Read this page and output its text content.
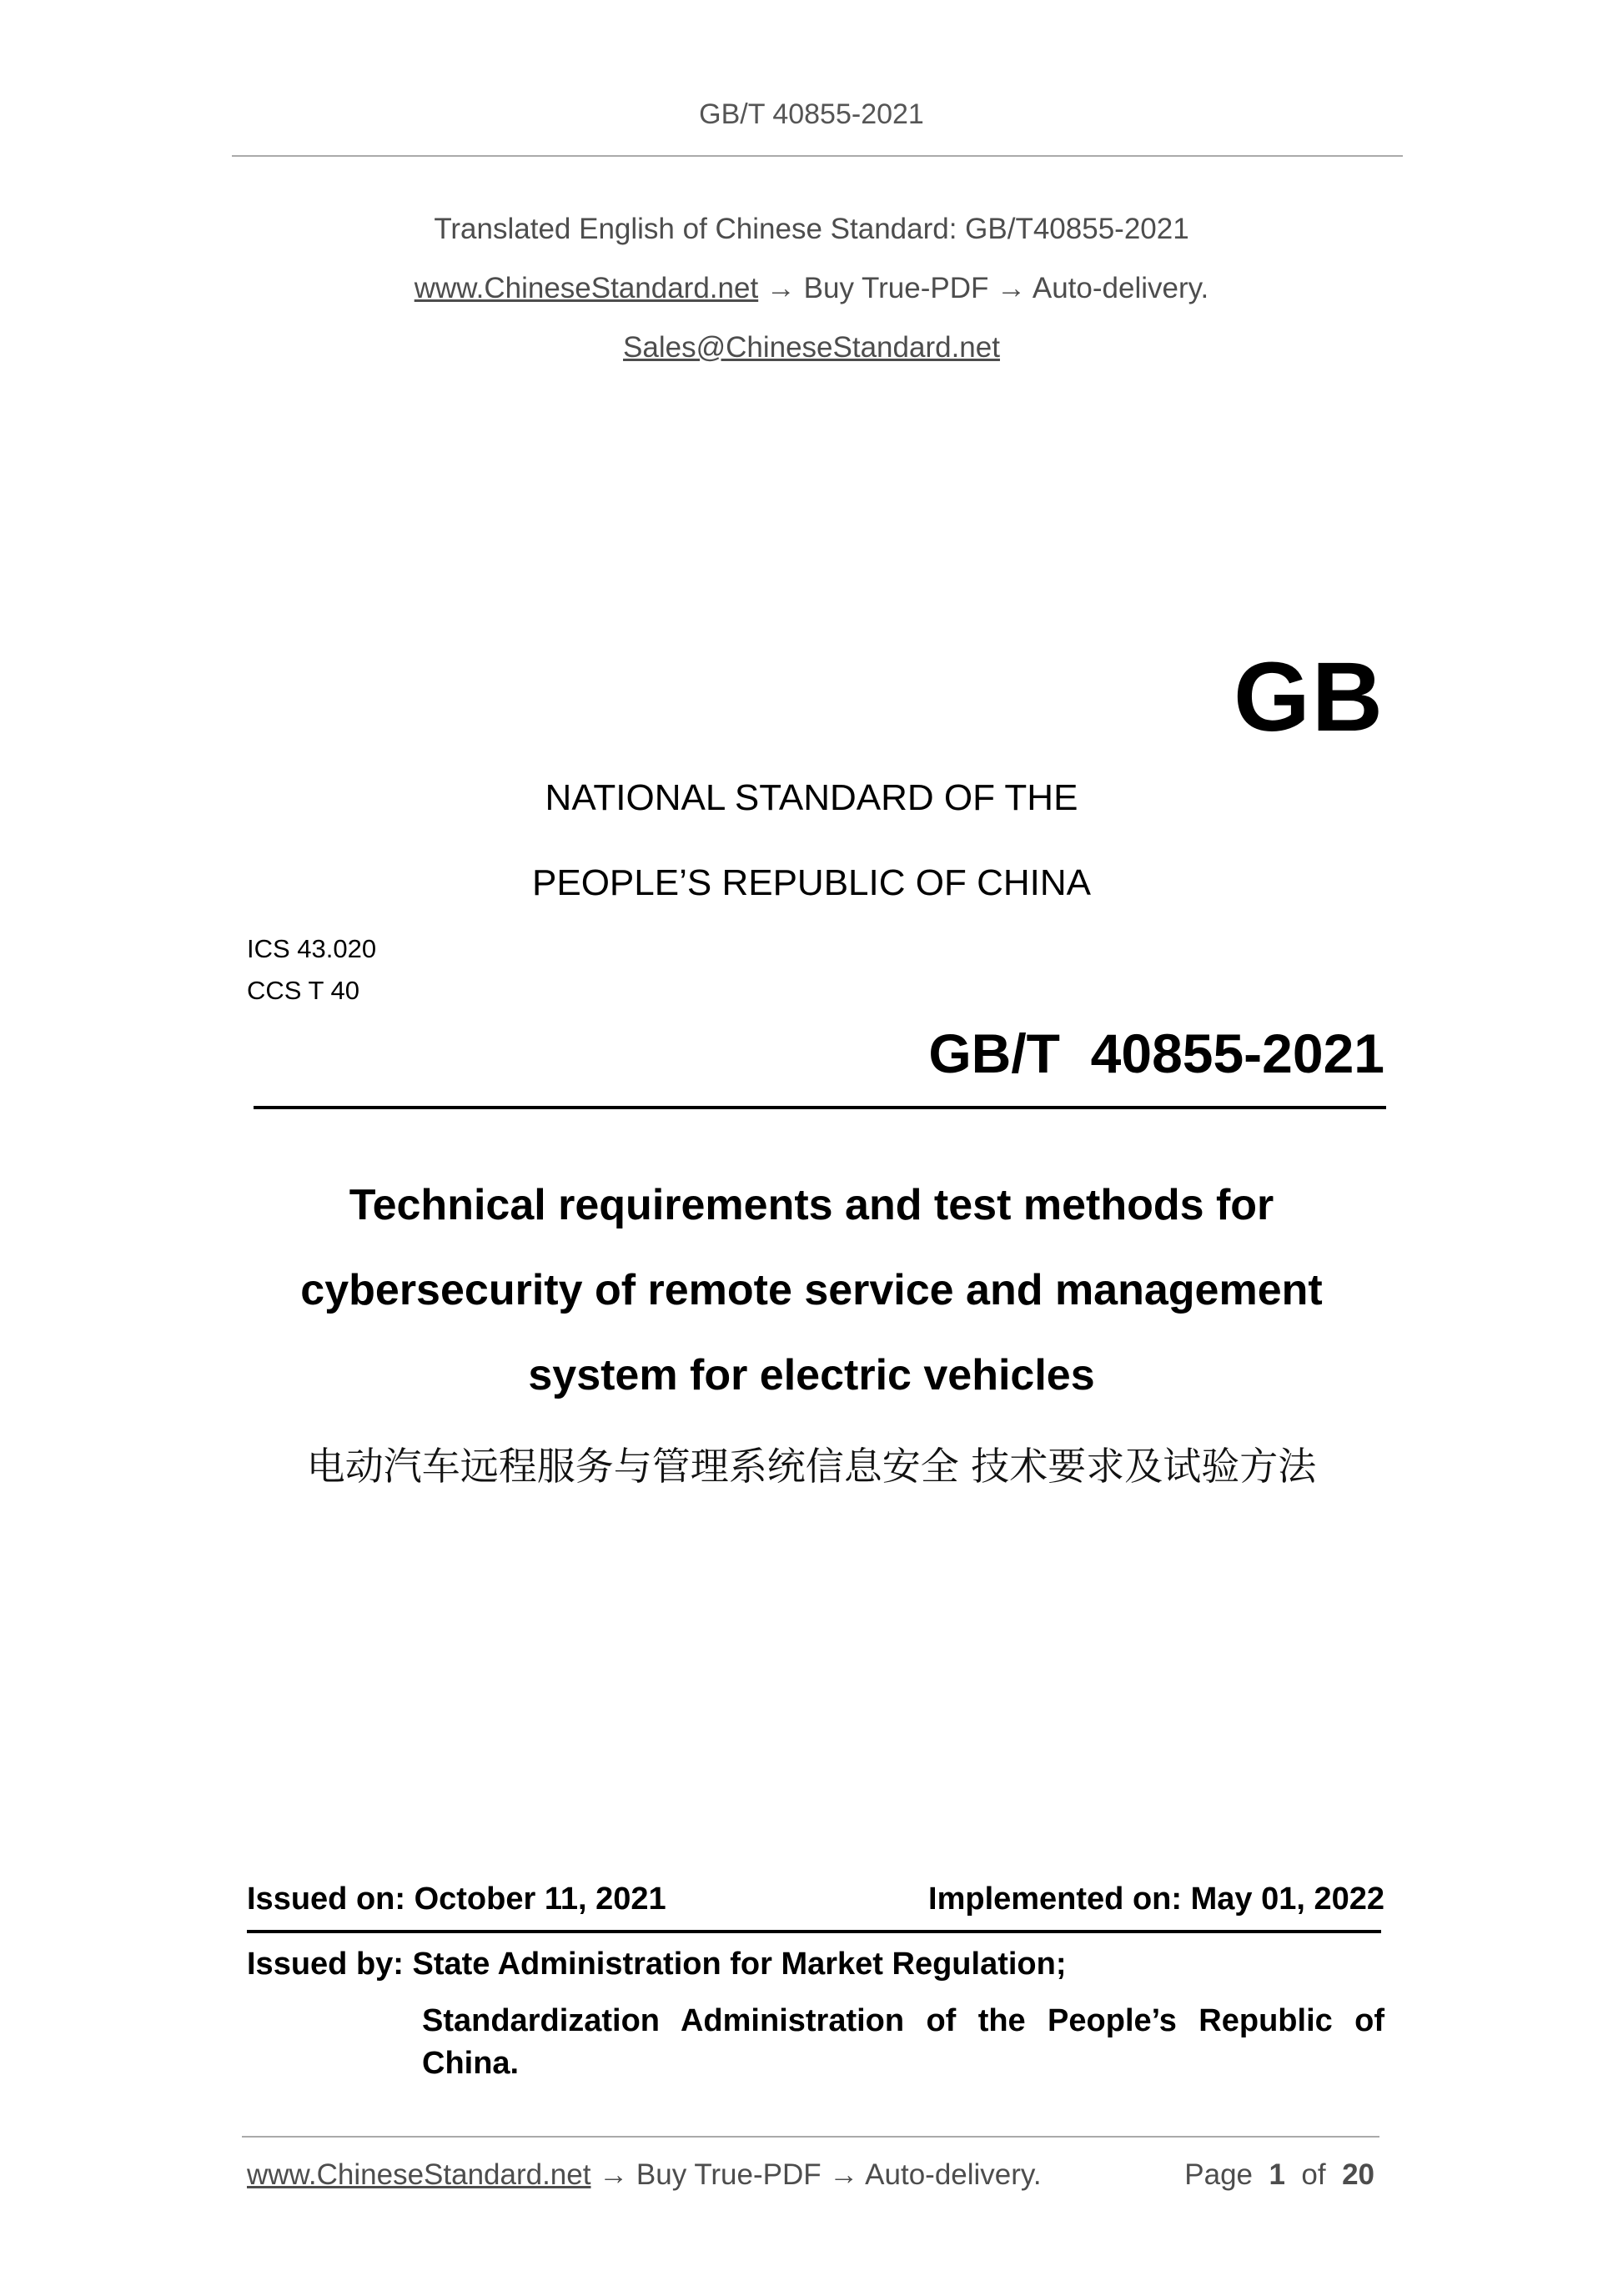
GB/T 40855-2021
Translated English of Chinese Standard: GB/T40855-2021
www.ChineseStandard.net → Buy True-PDF → Auto-delivery.
Sales@ChineseStandard.net
GB
NATIONAL STANDARD OF THE
PEOPLE’S REPUBLIC OF CHINA
ICS 43.020
CCS T 40
GB/T  40855-2021
Technical requirements and test methods for
cybersecurity of remote service and management
system for electric vehicles
电动汽车远程服务与管理系统信息安全 技术要求及试验方法
Issued on: October 11, 2021	Implemented on: May 01, 2022
Issued by: State Administration for Market Regulation;
Standardization Administration of the People’s Republic of China.
www.ChineseStandard.net → Buy True-PDF → Auto-delivery.	Page 1 of 20
